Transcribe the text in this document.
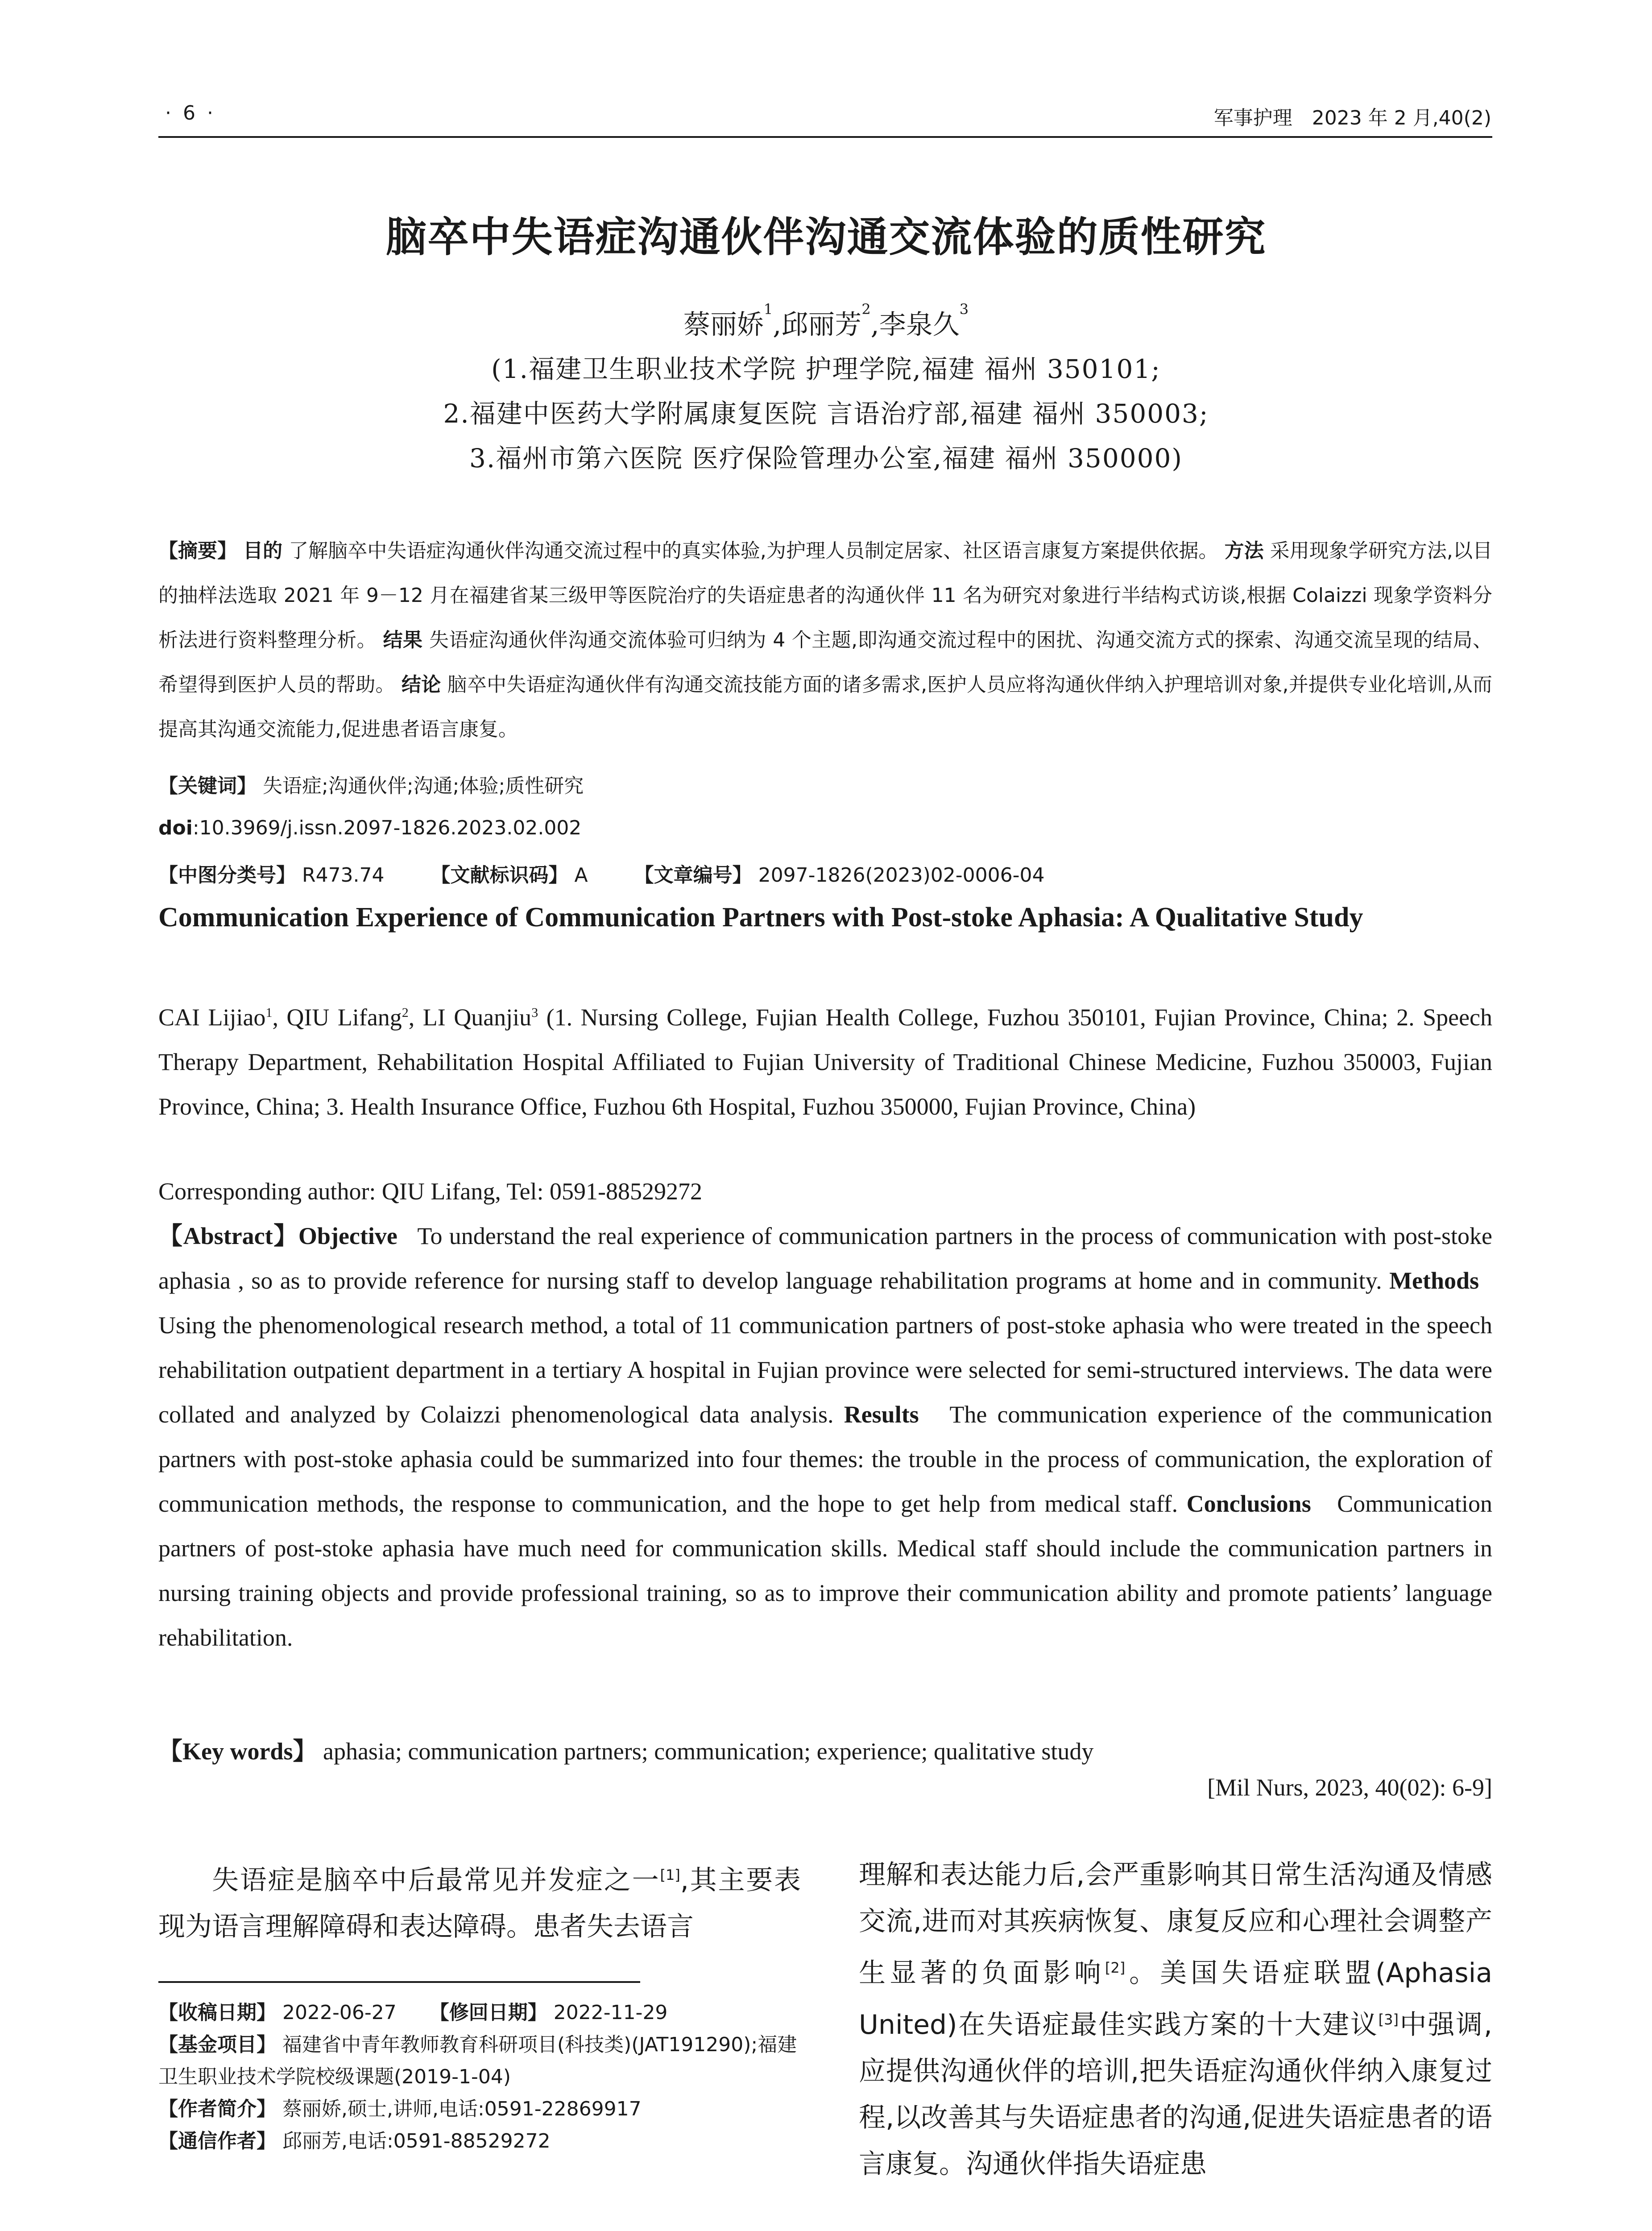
· 6 ·	军事护理　2023 年 2 月,40(2)
脑卒中失语症沟通伙伴沟通交流体验的质性研究
蔡丽娇$^1$,邱丽芳$^2$,李泉久$^3$
(1.福建卫生职业技术学院 护理学院,福建 福州 350101;
2.福建中医药大学附属康复医院 言语治疗部,福建 福州 350003;
3.福州市第六医院 医疗保险管理办公室,福建 福州 350000)
【摘要】 目的 了解脑卒中失语症沟通伙伴沟通交流过程中的真实体验,为护理人员制定居家、社区语言康复方案提供依据。 方法 采用现象学研究方法,以目的抽样法选取 2021 年 9－12 月在福建省某三级甲等医院治疗的失语症患者的沟通伙伴 11 名为研究对象进行半结构式访谈,根据 Colaizzi 现象学资料分析法进行资料整理分析。 结果 失语症沟通伙伴沟通交流体验可归纳为 4 个主题,即沟通交流过程中的困扰、沟通交流方式的探索、沟通交流呈现的结局、希望得到医护人员的帮助。 结论 脑卒中失语症沟通伙伴有沟通交流技能方面的诸多需求,医护人员应将沟通伙伴纳入护理培训对象,并提供专业化培训,从而提高其沟通交流能力,促进患者语言康复。
【关键词】 失语症;沟通伙伴;沟通;体验;质性研究
doi:10.3969/j.issn.2097-1826.2023.02.002
【中图分类号】 R473.74 【文献标识码】 A 【文章编号】 2097-1826(2023)02-0006-04
Communication Experience of Communication Partners with Post-stoke Aphasia: A Qualitative Study
CAI Lijiao$^1$, QIU Lifang$^2$, LI Quanjiu$^3$ (1. Nursing College, Fujian Health College, Fuzhou 350101, Fujian Province, China; 2. Speech Therapy Department, Rehabilitation Hospital Affiliated to Fujian University of Traditional Chinese Medicine, Fuzhou 350003, Fujian Province, China; 3. Health Insurance Office, Fuzhou 6th Hospital, Fuzhou 350000, Fujian Province, China)
Corresponding author: QIU Lifang, Tel: 0591-88529272
【Abstract】Objective To understand the real experience of communication partners in the process of communication with post-stoke aphasia , so as to provide reference for nursing staff to develop language rehabilitation programs at home and in community. Methods   Using the phenomenological research method, a total of 11 communication partners of post-stoke aphasia who were treated in the speech rehabilitation outpatient department in a tertiary A hospital in Fujian province were selected for semi-structured interviews. The data were collated and analyzed by Colaizzi phenomenological data analysis. Results The communication experience of the communication partners with post-stoke aphasia could be summarized into four themes: the trouble in the process of communication, the exploration of communication methods, the response to communication, and the hope to get help from medical staff. Conclusions Communication partners of post-stoke aphasia have much need for communication skills. Medical staff should include the communication partners in nursing training objects and provide professional training, so as to improve their communication ability and promote patients’ language rehabilitation.
【Key words】 aphasia; communication partners; communication; experience; qualitative study
[Mil Nurs, 2023, 40(02): 6-9]
失语症是脑卒中后最常见并发症之一[1],其主要表现为语言理解障碍和表达障碍。患者失去语言
理解和表达能力后,会严重影响其日常生活沟通及情感交流,进而对其疾病恢复、康复反应和心理社会调整产生显著的负面影响[2]。美国失语症联盟(Aphasia United)在失语症最佳实践方案的十大建议[3]中强调,应提供沟通伙伴的培训,把失语症沟通伙伴纳入康复过程,以改善其与失语症患者的沟通,促进失语症患者的语言康复。沟通伙伴指失语症患
【收稿日期】 2022-06-27 【修回日期】 2022-11-29
【基金项目】 福建省中青年教师教育科研项目(科技类)(JAT191290);福建卫生职业技术学院校级课题(2019-1-04)
【作者简介】 蔡丽娇,硕士,讲师,电话:0591-22869917
【通信作者】 邱丽芳,电话:0591-88529272
